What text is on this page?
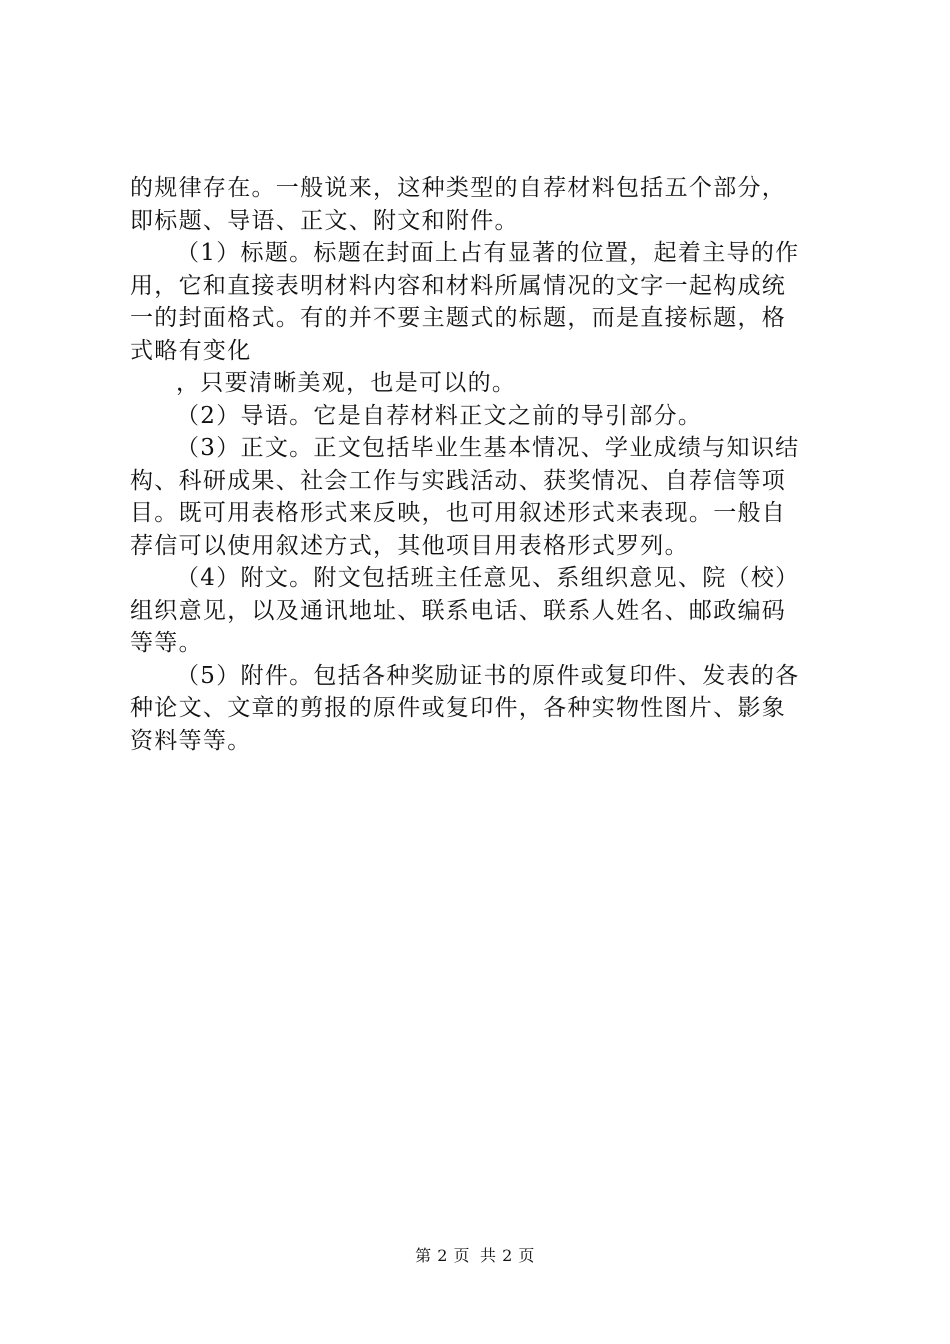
的规律存在。一般说来，这种类型的自荐材料包括五个部分，
即标题、导语、正文、附文和附件。
（1）标题。标题在封面上占有显著的位置，起着主导的作
用，它和直接表明材料内容和材料所属情况的文字一起构成统
一的封面格式。有的并不要主题式的标题，而是直接标题，格
式略有变化
，只要清晰美观，也是可以的。
（2）导语。它是自荐材料正文之前的导引部分。
（3）正文。正文包括毕业生基本情况、学业成绩与知识结
构、科研成果、社会工作与实践活动、获奖情况、自荐信等项
目。既可用表格形式来反映，也可用叙述形式来表现。一般自
荐信可以使用叙述方式，其他项目用表格形式罗列。
（4）附文。附文包括班主任意见、系组织意见、院（校）
组织意见，以及通讯地址、联系电话、联系人姓名、邮政编码
等等。
（5）附件。包括各种奖励证书的原件或复印件、发表的各
种论文、文章的剪报的原件或复印件，各种实物性图片、影象
资料等等。
第 2 页 共 2 页
